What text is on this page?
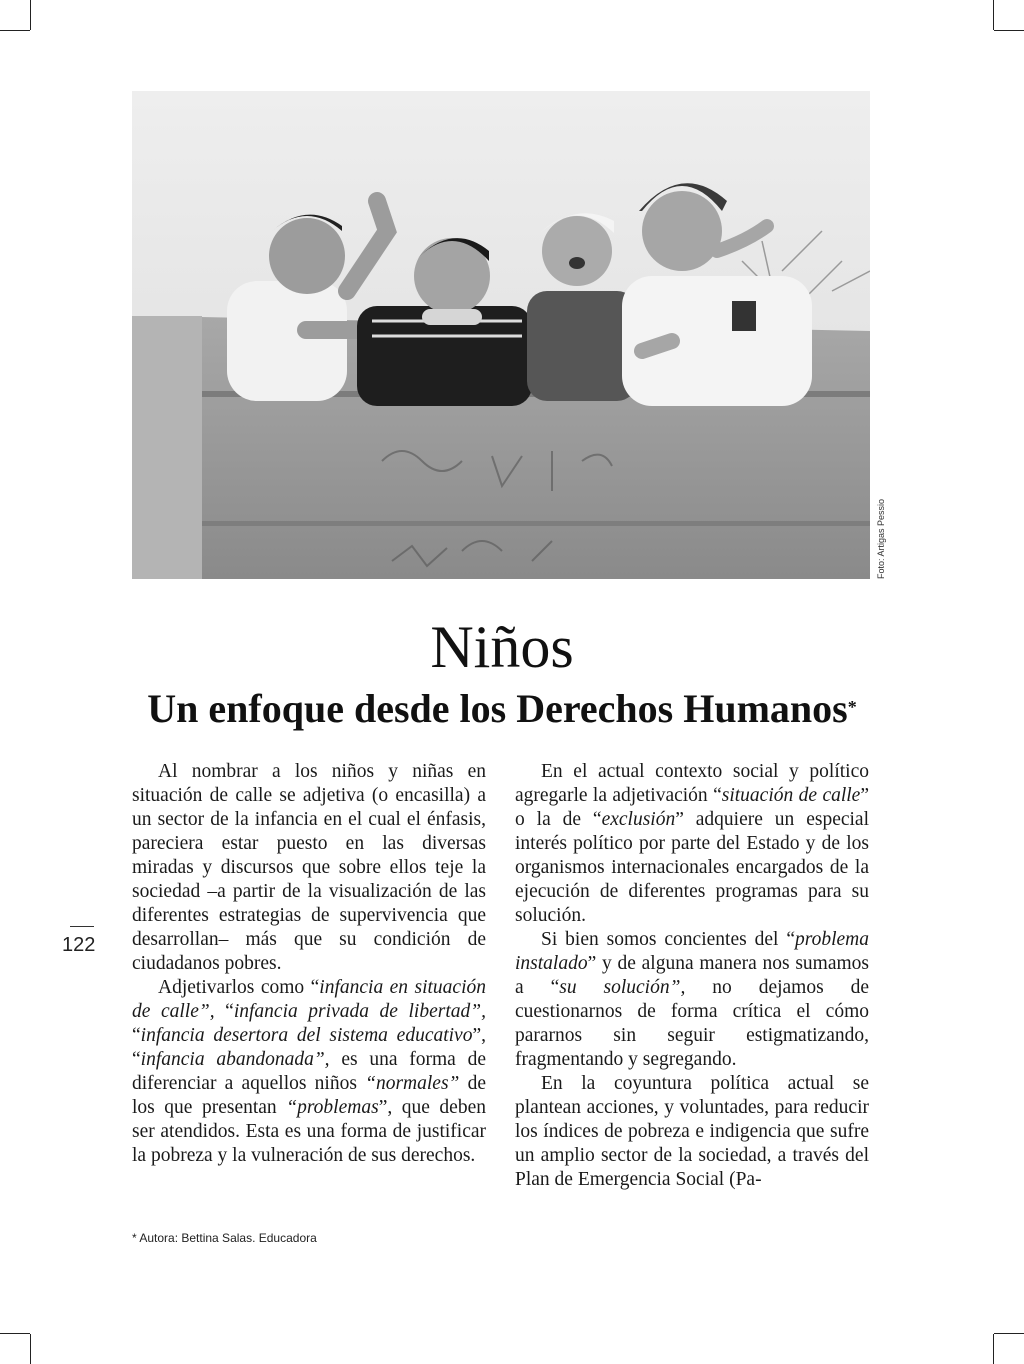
Foto: Artigas Pessio
Niños
Un enfoque desde los Derechos Humanos*
122

Al nombrar a los niños y niñas en situación de calle se adjetiva (o encasilla) a un sector de la infancia en el cual el énfasis, pareciera estar puesto en las diversas miradas y discursos que sobre ellos teje la sociedad –a partir de la visualización de las diferentes estrategias de supervivencia que desarrollan– más que su condición de ciudadanos pobres.

Adjetivarlos como “infancia en situación de calle”, “infancia privada de libertad”, “infancia desertora del sistema educativo”, “infancia abandonada”, es una forma de diferenciar a aquellos niños “normales” de los que presentan “problemas”, que deben ser atendidos. Esta es una forma de justificar la pobreza y la vulneración de sus derechos.

En el actual contexto social y político agregarle la adjetivación “situación de calle” o la de “exclusión” adquiere un especial interés político por parte del Estado y de los organismos internacionales encargados de la ejecución de diferentes programas para su solución.

Si bien somos concientes del “problema instalado” y de alguna manera nos sumamos a “su solución”, no dejamos de cuestionarnos de forma crítica el cómo pararnos sin seguir estigmatizando, fragmentando y segregando.

En la coyuntura política actual se plantean acciones, y voluntades, para reducir los índices de pobreza e indigencia que sufre un amplio sector de la sociedad, a través del Plan de Emergencia Social (Pa-

* Autora: Bettina Salas. Educadora
